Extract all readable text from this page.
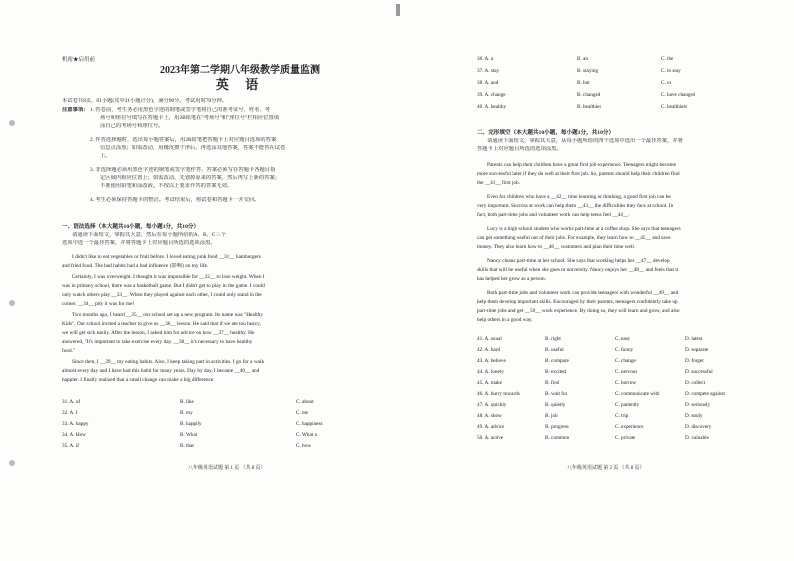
机密★启用前
2023年第二学期八年级教学质量监测
英 语
本试卷共8页，81小题(其中31小题计分)，满分90分。考试用时70分钟。
注意事项： 1. 答卷前，考生务必用黑色字迹的钢笔或签字笔将自己的准考证号、姓名、考
场号和座位号填写在答题卡上，用2B铅笔在"考场号"和"座位号"栏相应位置填
涂自己的考场号和座位号。
2. 作答选择题时，选出每小题答案后，用2B铅笔把答题卡上对应题目选项的答案
信息点涂黑；如需改动，用橡皮擦干净后，再选涂其他答案，答案不能答在试卷
上。
3. 非选择题必须用黑色字迹的钢笔或签字笔作答，答案必须写在答题卡各题目指
定区域内相应位置上；如需改动，先划掉原来的答案，然后再写上新的答案；
不准使用铅笔和涂改液。不按以上要求作答的答案无效。
4. 考生必须保持答题卡的整洁。考试结束后，将试卷和答题卡一并交回。
一、语法选择（本大题共10小题，每小题1分，共10分）
请通读下面短文，掌握其大意，然后在每小题所给的A、B、C三个
选项中选一个最佳答案，并将答题卡上对应题目所选的选项涂黑。
I didn't like to eat vegetables or fruit before. I loved eating junk food __31__ hamburgers
and fried food. The bad habits had a bad influence (影响) on my life.
Certainly, I was overweight. I thought it was impossible for __32__ to lose weight. When I
was in primary school, there was a basketball game. But I didn't get to play in the game. I could
only watch others play __33__. When they played against each other, I could only stand in the
corner. __34__ pity it was for me!
Two months ago, I heard __35__ our school set up a new program. Its name was "Healthy
Kids". Our school invited a teacher to give us __36__ lesson. He said that if we ate too heavy,
we will get sick easily. After the lesson, I asked him for advice on how __37__ healthy. He
answered, "It's important to take exercise every day. __38__ it's necessary to have healthy
food."
Since then, I __39__ my eating habits. Also, I keep taking part in activities. I go for a walk
almost every day and I have had this habit for many years. Day by day, I became __40__ and
happier. I finally realized that a small change can make a big difference.
31. A. of	B. like	C. about
32. A. I	B. my	C. me
33. A. happy	B. happily	C. happiness
34. A. How	B. What	C. What a
35. A. if	B. that	C. how
八年级英语试题 第 1 页 （共 8 页）
36. A. a	B. an	C. the
37. A. stay	B. staying	C. to stay
38. A. and	B. but	C. or
39. A. change	B. changed	C. have changed
40. A. healthy	B. healthier	C. healthiest
二、完形填空（本大题共10小题，每小题1分，共10分）
请通读下面短文，掌握其大意，从每小题所给的四个选项中选出一个最佳答案，并将
答题卡上对应题目所选的选项涂黑。
Parents can help their children have a great first job experience. Teenagers might become
more successful later if they do well at their first job. So, parents should help their children find
the __41__ first job.
Even for children who have a __42__ time learning or thinking, a good first job can be
very important. Success at work can help them __43__ the difficulties they face at school. In
fact, both part-time jobs and volunteer work can help teens feel __44__.
Lucy is a high school student who works part-time at a coffee shop. She says that teenagers
can get something useful out of their jobs. For example, they learn how to __45__ and save
money. They also learn how to __46__ customers and plan their time well.
Nancy cleans part-time at her school. She says that working helps her __47__ develop
skills that will be useful when she goes to university. Nancy enjoys her __48__ and feels that it
has helped her grow as a person.
Both part-time jobs and volunteer work can provide teenagers with wonderful __49__ and
help them develop important skills. Encouraged by their parents, teenagers confidently take up
part-time jobs and get __50__ work experience. By doing so, they will learn and grow, and also
help others in a good way.
41. A. usual	B. right	C. easy	D. latest
42. A. hard	B. useful	C. funny	D. separate
43. A. believe	B. compare	C. change	D. forget
44. A. lonely	B. excited	C. nervous	D. successful
45. A. make	B. find	C. borrow	D. collect
46. A. hurry towards	B. wait for	C. communicate with	D. compete against
47. A. quickly	B. quietly	C. patiently	D. seriously
48. A. show	B. job	C. trip	D. study
49. A. advice	B. progress	C. experience	D. discovery
50. A. active	B. common	C. private	D. valuable
八年级英语试题 第 2 页 （共 8 页）
